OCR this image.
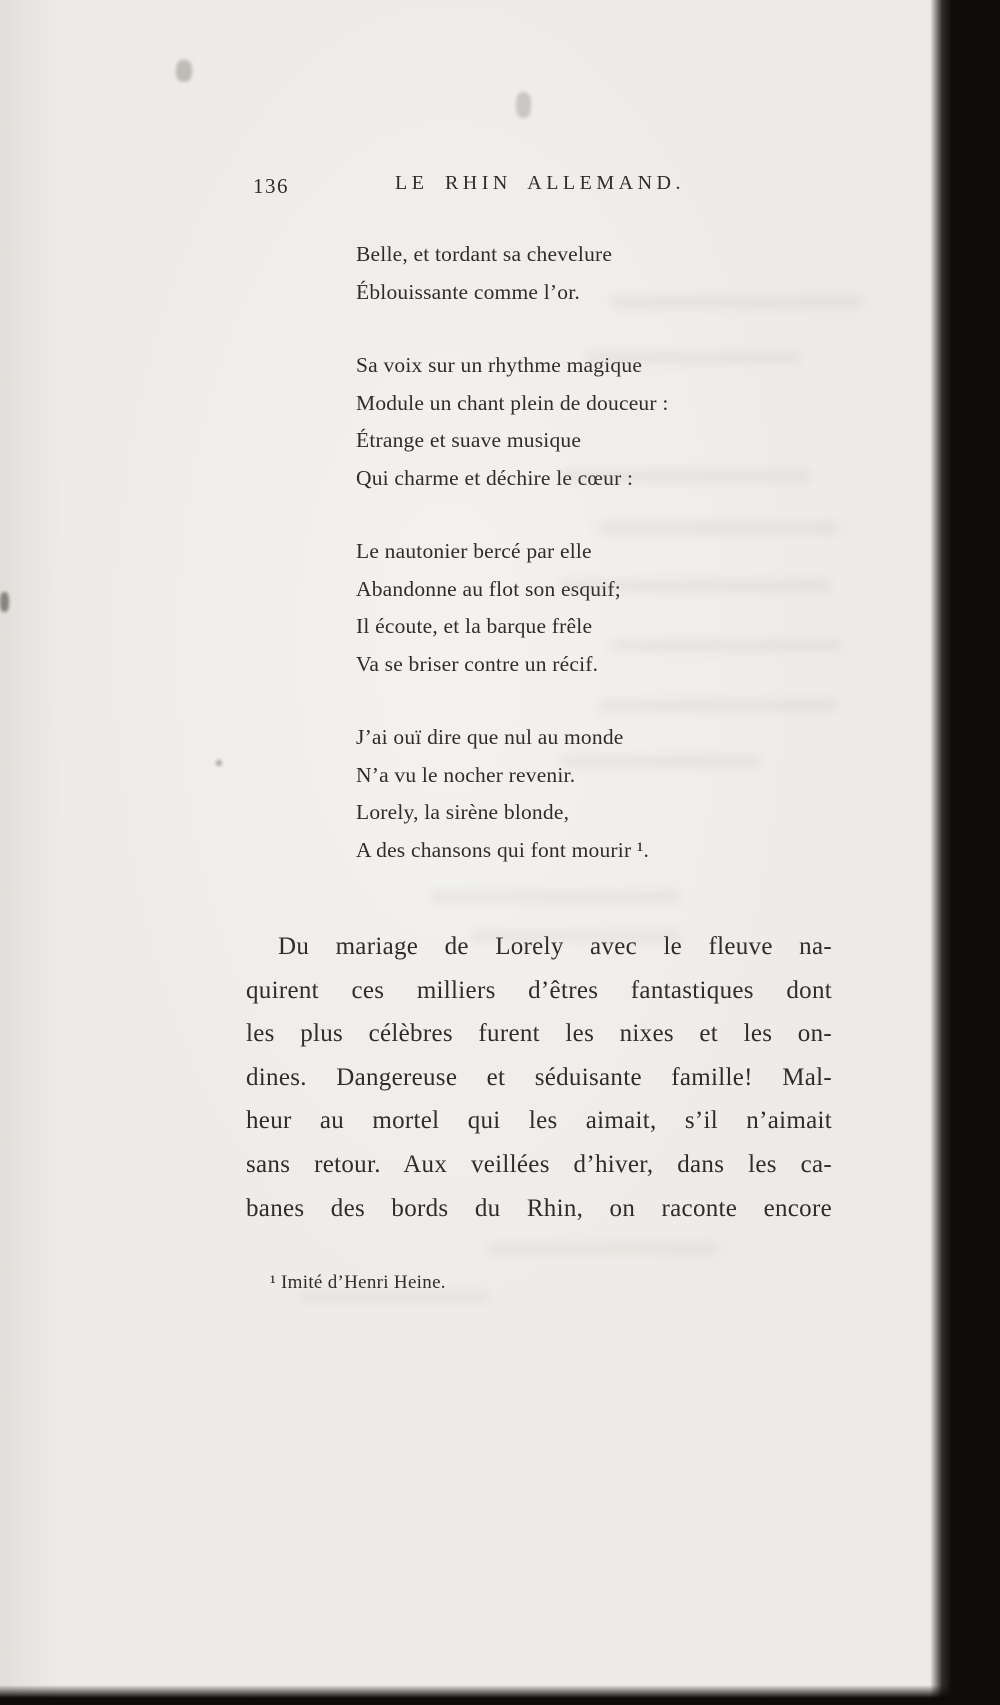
136	LE RHIN ALLEMAND.
Belle, et tordant sa chevelure
Éblouissante comme l’or.
Sa voix sur un rhythme magique
Module un chant plein de douceur :
Étrange et suave musique
Qui charme et déchire le cœur :
Le nautonier bercé par elle
Abandonne au flot son esquif;
Il écoute, et la barque frêle
Va se briser contre un récif.
J’ai ouï dire que nul au monde
N’a vu le nocher revenir.
Lorely, la sirène blonde,
A des chansons qui font mourir ¹.
Du mariage de Lorely avec le fleuve na-
quirent ces milliers d’êtres fantastiques dont
les plus célèbres furent les nixes et les on-
dines. Dangereuse et séduisante famille! Mal-
heur au mortel qui les aimait, s’il n’aimait
sans retour. Aux veillées d’hiver, dans les ca-
banes des bords du Rhin, on raconte encore
¹ Imité d’Henri Heine.
